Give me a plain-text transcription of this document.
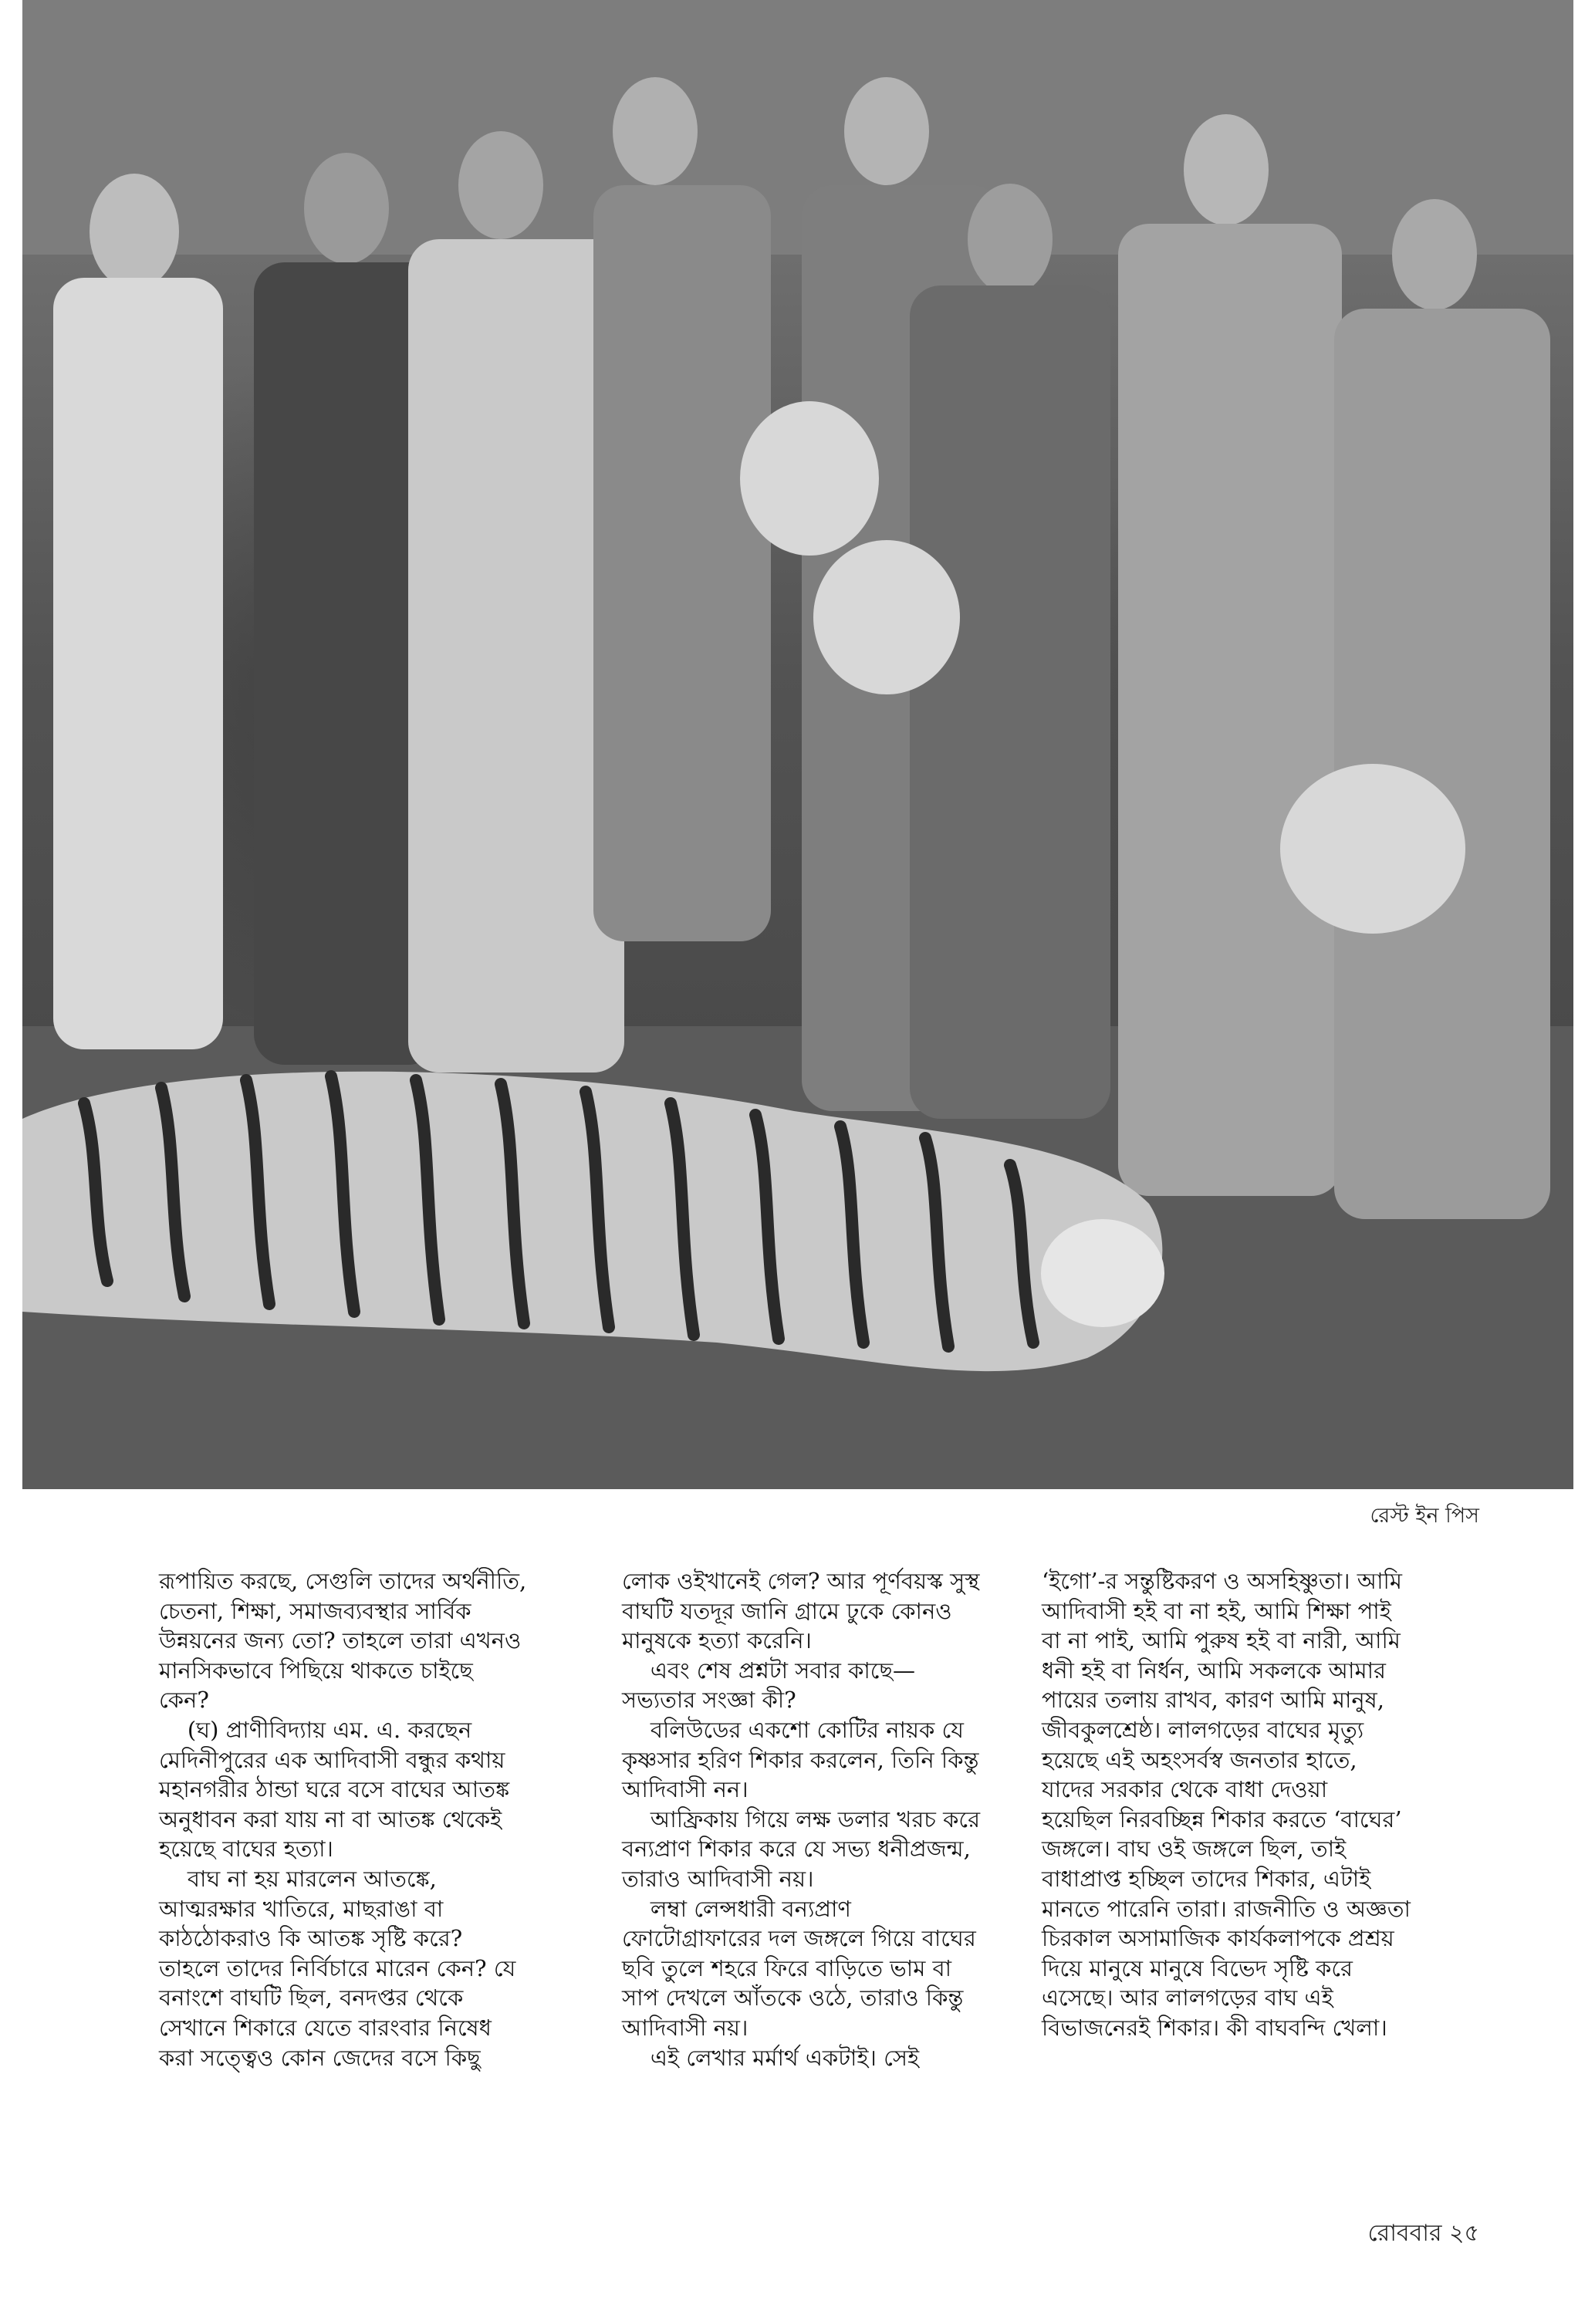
রেস্ট ইন পিস
রূপায়িত করছে, সেগুলি তাদের অর্থনীতি,
চেতনা, শিক্ষা, সমাজব্যবস্থার সার্বিক
উন্নয়নের জন্য তো? তাহলে তারা এখনও
মানসিকভাবে পিছিয়ে থাকতে চাইছে
কেন?
(ঘ) প্রাণীবিদ্যায় এম. এ. করছেন
মেদিনীপুরের এক আদিবাসী বন্ধুর কথায়
মহানগরীর ঠান্ডা ঘরে বসে বাঘের আতঙ্ক
অনুধাবন করা যায় না বা আতঙ্ক থেকেই
হয়েছে বাঘের হত্যা।
বাঘ না হয় মারলেন আতঙ্কে,
আত্মরক্ষার খাতিরে, মাছরাঙা বা
কাঠঠোকরাও কি আতঙ্ক সৃষ্টি করে?
তাহলে তাদের নির্বিচারে মারেন কেন? যে
বনাংশে বাঘটি ছিল, বনদপ্তর থেকে
সেখানে শিকারে যেতে বারংবার নিষেধ
করা সত্ত্বেও কোন জেদের বসে কিছু
লোক ওইখানেই গেল? আর পূর্ণবয়স্ক সুস্থ
বাঘটি যতদূর জানি গ্রামে ঢুকে কোনও
মানুষকে হত্যা করেনি।
এবং শেষ প্রশ্নটা সবার কাছে—
সভ্যতার সংজ্ঞা কী?
বলিউডের একশো কোটির নায়ক যে
কৃষ্ণসার হরিণ শিকার করলেন, তিনি কিন্তু
আদিবাসী নন।
আফ্রিকায় গিয়ে লক্ষ ডলার খরচ করে
বন্যপ্রাণ শিকার করে যে সভ্য ধনীপ্রজন্ম,
তারাও আদিবাসী নয়।
লম্বা লেন্সধারী বন্যপ্রাণ
ফোটোগ্রাফারের দল জঙ্গলে গিয়ে বাঘের
ছবি তুলে শহরে ফিরে বাড়িতে ভাম বা
সাপ দেখলে আঁতকে ওঠে, তারাও কিন্তু
আদিবাসী নয়।
এই লেখার মর্মার্থ একটাই। সেই
‘ইগো’-র সন্তুষ্টিকরণ ও অসহিষ্ণুতা। আমি
আদিবাসী হই বা না হই, আমি শিক্ষা পাই
বা না পাই, আমি পুরুষ হই বা নারী, আমি
ধনী হই বা নির্ধন, আমি সকলকে আমার
পায়ের তলায় রাখব, কারণ আমি মানুষ,
জীবকুলশ্রেষ্ঠ। লালগড়ের বাঘের মৃত্যু
হয়েছে এই অহংসর্বস্ব জনতার হাতে,
যাদের সরকার থেকে বাধা দেওয়া
হয়েছিল নিরবচ্ছিন্ন শিকার করতে ‘বাঘের’
জঙ্গলে। বাঘ ওই জঙ্গলে ছিল, তাই
বাধাপ্রাপ্ত হচ্ছিল তাদের শিকার, এটাই
মানতে পারেনি তারা। রাজনীতি ও অজ্ঞতা
চিরকাল অসামাজিক কার্যকলাপকে প্রশ্রয়
দিয়ে মানুষে মানুষে বিভেদ সৃষ্টি করে
এসেছে। আর লালগড়ের বাঘ এই
বিভাজনেরই শিকার। কী বাঘবন্দি খেলা।
রোববার ২৫
